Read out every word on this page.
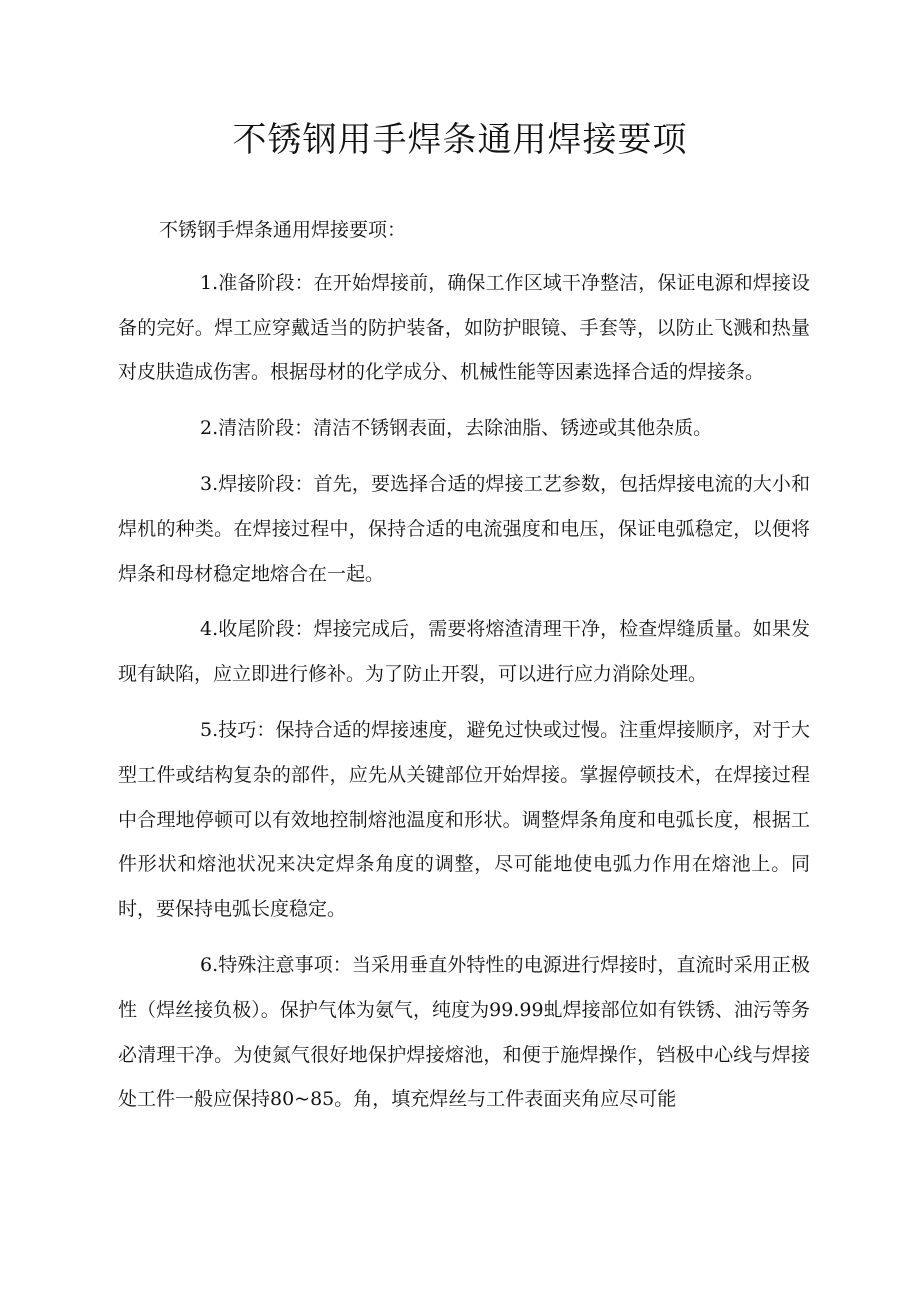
不锈钢用手焊条通用焊接要项

不锈钢手焊条通用焊接要项：

1.准备阶段：在开始焊接前，确保工作区域干净整洁，保证电源和焊接设备的完好。焊工应穿戴适当的防护装备，如防护眼镜、手套等，以防止飞溅和热量对皮肤造成伤害。根据母材的化学成分、机械性能等因素选择合适的焊接条。

2.清洁阶段：清洁不锈钢表面，去除油脂、锈迹或其他杂质。

3.焊接阶段：首先，要选择合适的焊接工艺参数，包括焊接电流的大小和焊机的种类。在焊接过程中，保持合适的电流强度和电压，保证电弧稳定，以便将焊条和母材稳定地熔合在一起。

4.收尾阶段：焊接完成后，需要将熔渣清理干净，检查焊缝质量。如果发现有缺陷，应立即进行修补。为了防止开裂，可以进行应力消除处理。

5.技巧：保持合适的焊接速度，避免过快或过慢。注重焊接顺序，对于大型工件或结构复杂的部件，应先从关键部位开始焊接。掌握停顿技术，在焊接过程中合理地停顿可以有效地控制熔池温度和形状。调整焊条角度和电弧长度，根据工件形状和熔池状况来决定焊条角度的调整，尽可能地使电弧力作用在熔池上。同时，要保持电弧长度稳定。

6.特殊注意事项：当采用垂直外特性的电源进行焊接时，直流时采用正极性（焊丝接负极）。保护气体为氨气，纯度为99.99虬焊接部位如有铁锈、油污等务必清理干净。为使氮气很好地保护焊接熔池，和便于施焊操作，铛极中心线与焊接处工件一般应保持80~85。角，填充焊丝与工件表面夹角应尽可能
